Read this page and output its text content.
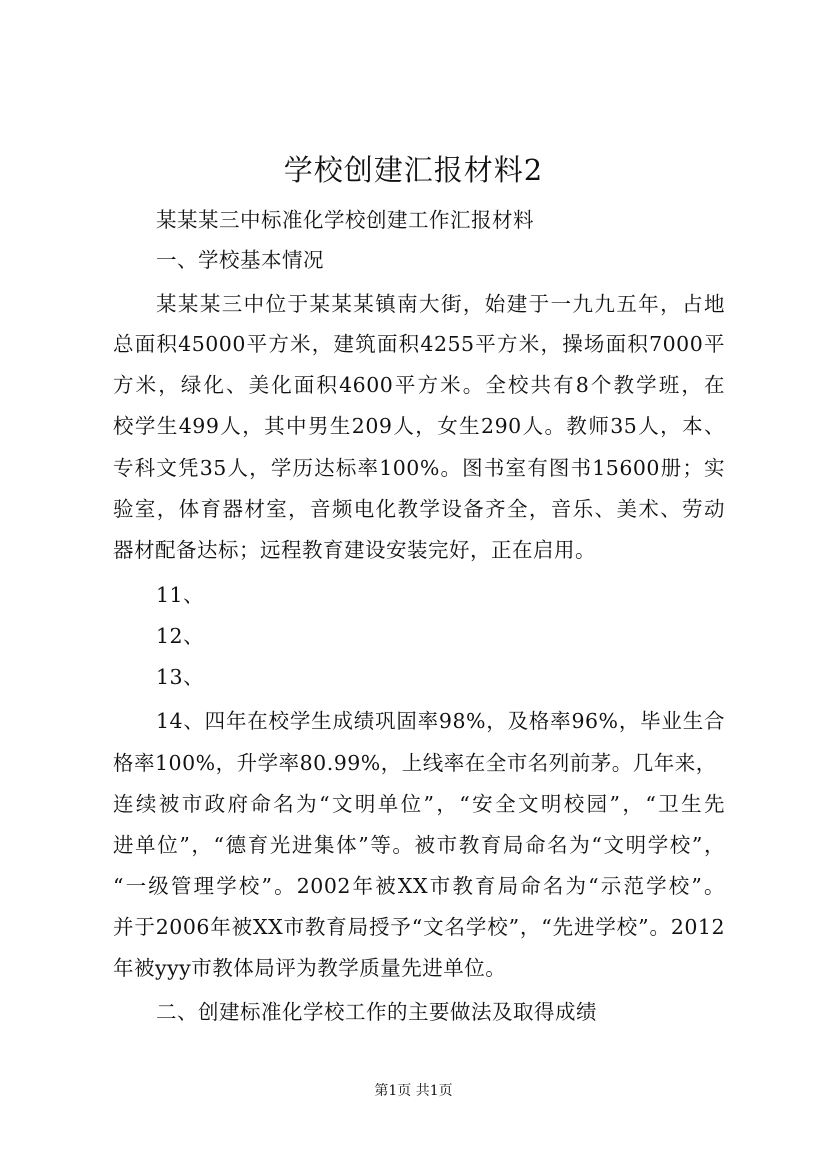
学校创建汇报材料2
某某某三中标准化学校创建工作汇报材料
一、学校基本情况
某某某三中位于某某某镇南大街，始建于一九九五年，占地
总面积45000平方米，建筑面积4255平方米，操场面积7000平
方米，绿化、美化面积4600平方米。全校共有8个教学班，在
校学生499人，其中男生209人，女生290人。教师35人，本、
专科文凭35人，学历达标率100%。图书室有图书15600册；实
验室，体育器材室，音频电化教学设备齐全，音乐、美术、劳动
器材配备达标；远程教育建设安装完好，正在启用。
11、
12、
13、
14、四年在校学生成绩巩固率98%，及格率96%，毕业生合
格率100%，升学率80.99%，上线率在全市名列前茅。几年来，
连续被市政府命名为“文明单位”，“安全文明校园”，“卫生先
进单位”，“德育光进集体”等。被市教育局命名为“文明学校”，
“一级管理学校”。2002年被XX市教育局命名为“示范学校”。
并于2006年被XX市教育局授予“文名学校”，“先进学校”。2012
年被yyy市教体局评为教学质量先进单位。
二、创建标准化学校工作的主要做法及取得成绩
第1页 共1页
